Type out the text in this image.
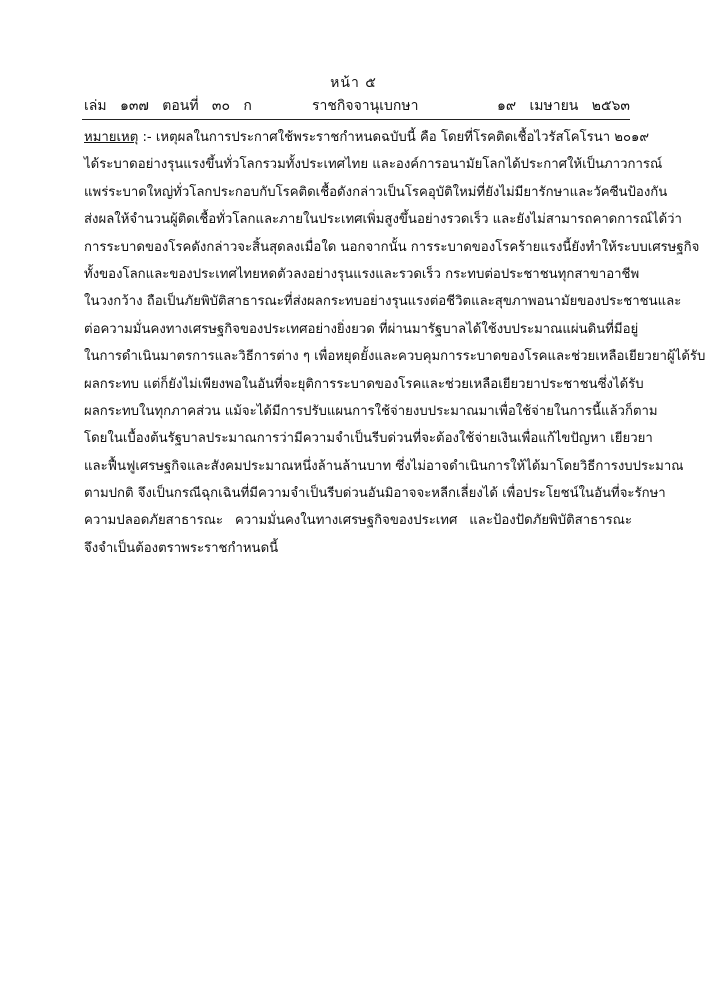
หน้า ๕
เล่ม   ๑๓๗   ตอนที่   ๓๐   ก	ราชกิจจานุเบกษา	๑๙   เมษายน   ๒๕๖๓
หมายเหตุ :- เหตุผลในการประกาศใช้พระราชกำหนดฉบับนี้ คือ โดยที่โรคติดเชื้อไวรัสโคโรนา ๒๐๑๙
ได้ระบาดอย่างรุนแรงขึ้นทั่วโลกรวมทั้งประเทศไทย และองค์การอนามัยโลกได้ประกาศให้เป็นภาวการณ์
แพร่ระบาดใหญ่ทั่วโลกประกอบกับโรคติดเชื้อดังกล่าวเป็นโรคอุบัติใหม่ที่ยังไม่มียารักษาและวัคซีนป้องกัน
ส่งผลให้จำนวนผู้ติดเชื้อทั่วโลกและภายในประเทศเพิ่มสูงขึ้นอย่างรวดเร็ว และยังไม่สามารถคาดการณ์ได้ว่า
การระบาดของโรคดังกล่าวจะสิ้นสุดลงเมื่อใด นอกจากนั้น การระบาดของโรคร้ายแรงนี้ยังทำให้ระบบเศรษฐกิจ
ทั้งของโลกและของประเทศไทยหดตัวลงอย่างรุนแรงและรวดเร็ว กระทบต่อประชาชนทุกสาขาอาชีพ
ในวงกว้าง ถือเป็นภัยพิบัติสาธารณะที่ส่งผลกระทบอย่างรุนแรงต่อชีวิตและสุขภาพอนามัยของประชาชนและ
ต่อความมั่นคงทางเศรษฐกิจของประเทศอย่างยิ่งยวด ที่ผ่านมารัฐบาลได้ใช้งบประมาณแผ่นดินที่มีอยู่
ในการดำเนินมาตรการและวิธีการต่าง ๆ เพื่อหยุดยั้งและควบคุมการระบาดของโรคและช่วยเหลือเยียวยาผู้ได้รับ
ผลกระทบ แต่ก็ยังไม่เพียงพอในอันที่จะยุติการระบาดของโรคและช่วยเหลือเยียวยาประชาชนซึ่งได้รับ
ผลกระทบในทุกภาคส่วน แม้จะได้มีการปรับแผนการใช้จ่ายงบประมาณมาเพื่อใช้จ่ายในการนี้แล้วก็ตาม
โดยในเบื้องต้นรัฐบาลประมาณการว่ามีความจำเป็นรีบด่วนที่จะต้องใช้จ่ายเงินเพื่อแก้ไขปัญหา เยียวยา
และฟื้นฟูเศรษฐกิจและสังคมประมาณหนึ่งล้านล้านบาท ซึ่งไม่อาจดำเนินการให้ได้มาโดยวิธีการงบประมาณ
ตามปกติ จึงเป็นกรณีฉุกเฉินที่มีความจำเป็นรีบด่วนอันมิอาจจะหลีกเลี่ยงได้ เพื่อประโยชน์ในอันที่จะรักษา
ความปลอดภัยสาธารณะ ความมั่นคงในทางเศรษฐกิจของประเทศ และป้องปัดภัยพิบัติสาธารณะ
จึงจำเป็นต้องตราพระราชกำหนดนี้
